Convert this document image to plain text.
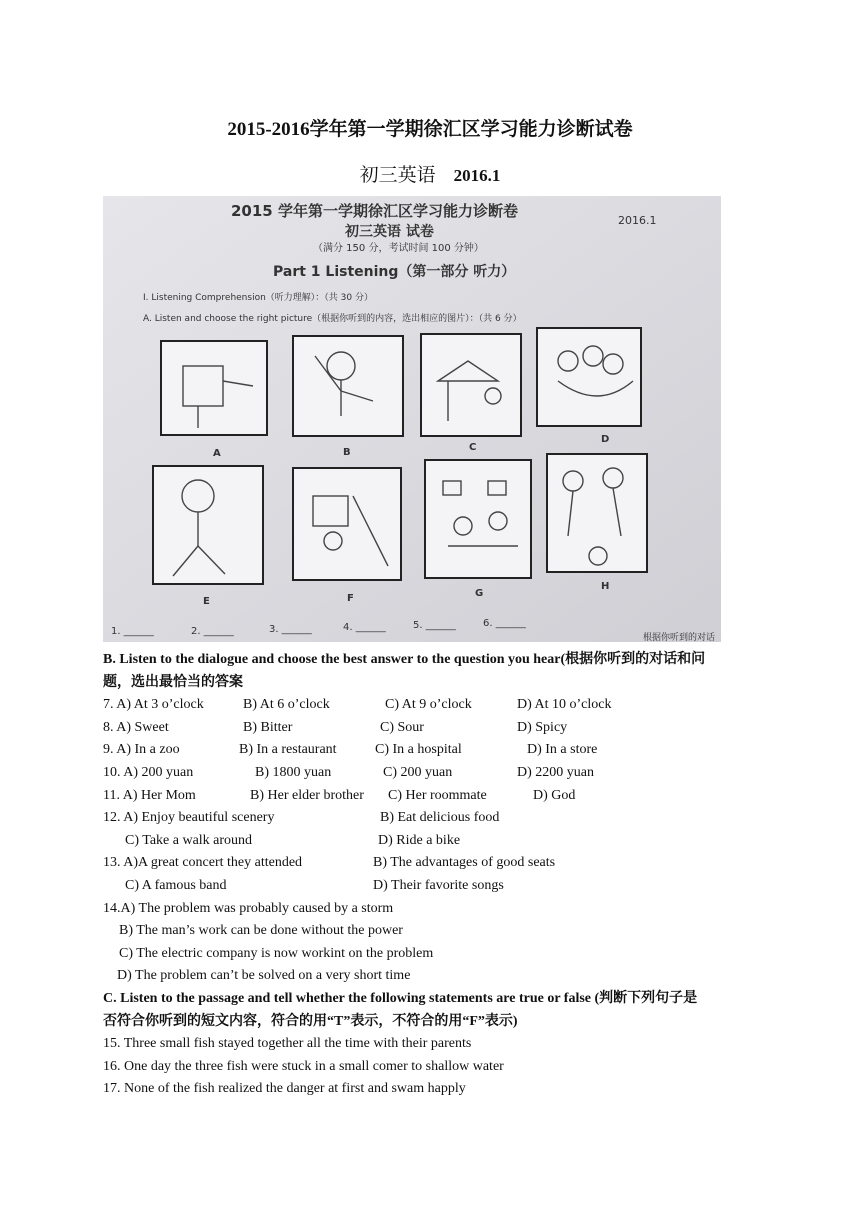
2015-2016学年第一学期徐汇区学习能力诊断试卷
初三英语 2016.1
2015 学年第一学期徐汇区学习能力诊断卷
初三英语 试卷
2016.1
（满分 150 分，考试时间 100 分钟）
Part 1 Listening（第一部分 听力）
I. Listening Comprehension（听力理解）：（共 30 分）
A. Listen and choose the right picture（根据你听到的内容，选出相应的图片）：（共 6 分）
A	B	C
D
E	F	G
H
1. ______	2. ______	3. ______	4. ______	5. ______	6. ______
根据你听到的对话
B. Listen to the dialogue and choose the best answer to the question you hear(根据你听到的对话和问
题，选出最恰当的答案
7. A) At 3 o’clock	B) At 6 o’clock	C) At 9 o’clock	D) At 10 o’clock
8. A) Sweet	B) Bitter	C) Sour	D) Spicy
9. A) In a zoo	B) In a restaurant	C) In a hospital	D) In a store
10. A) 200 yuan	B) 1800 yuan	C) 200 yuan	D) 2200 yuan
11. A) Her Mom	B) Her elder brother C) Her roommate	D) God
12. A) Enjoy beautiful scenery	B) Eat delicious food
C) Take a walk around	D) Ride a bike
13. A)A great concert they attended	B) The advantages of good seats
C) A famous band	D) Their favorite songs
14.A) The problem was probably caused by a storm
B) The man’s work can be done without the power
C) The electric company is now workint on the problem
D) The problem can’t be solved on a very short time
C. Listen to the passage and tell whether the following statements are true or false (判断下列句子是
否符合你听到的短文内容，符合的用“T”表示，不符合的用“F”表示)
15. Three small fish stayed together all the time with their parents
16. One day the three fish were stuck in a small comer to shallow water
17. None of the fish realized the danger at first and swam happly
